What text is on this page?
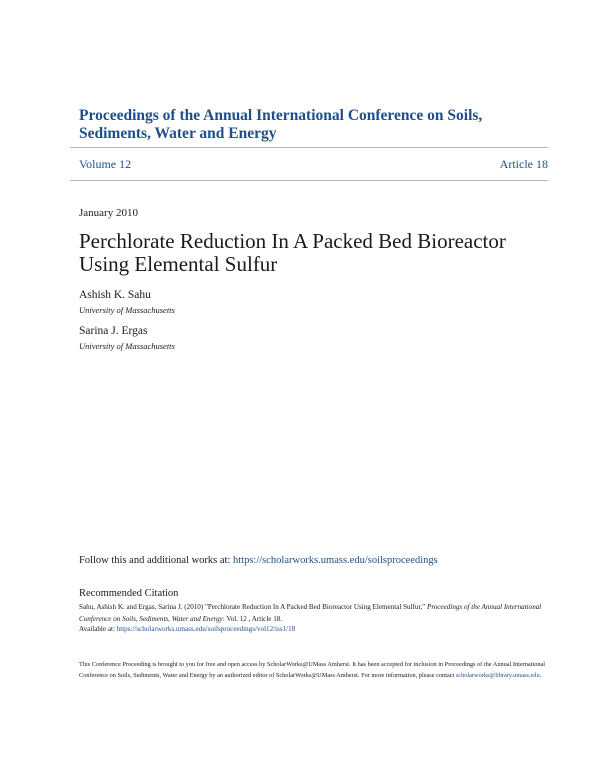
Proceedings of the Annual International Conference on Soils, Sediments, Water and Energy
Volume 12	Article 18
January 2010
Perchlorate Reduction In A Packed Bed Bioreactor Using Elemental Sulfur
Ashish K. Sahu
University of Massachusetts
Sarina J. Ergas
University of Massachusetts
Follow this and additional works at: https://scholarworks.umass.edu/soilsproceedings
Recommended Citation
Sahu, Ashish K. and Ergas, Sarina J. (2010) "Perchlorate Reduction In A Packed Bed Bioreactor Using Elemental Sulfur," Proceedings of the Annual International Conference on Soils, Sediments, Water and Energy: Vol. 12 , Article 18.
Available at: https://scholarworks.umass.edu/soilsproceedings/vol12/iss1/18
This Conference Proceeding is brought to you for free and open access by ScholarWorks@UMass Amherst. It has been accepted for inclusion in Proceedings of the Annual International Conference on Soils, Sediments, Water and Energy by an authorized editor of ScholarWorks@UMass Amherst. For more information, please contact scholarworks@library.umass.edu.
